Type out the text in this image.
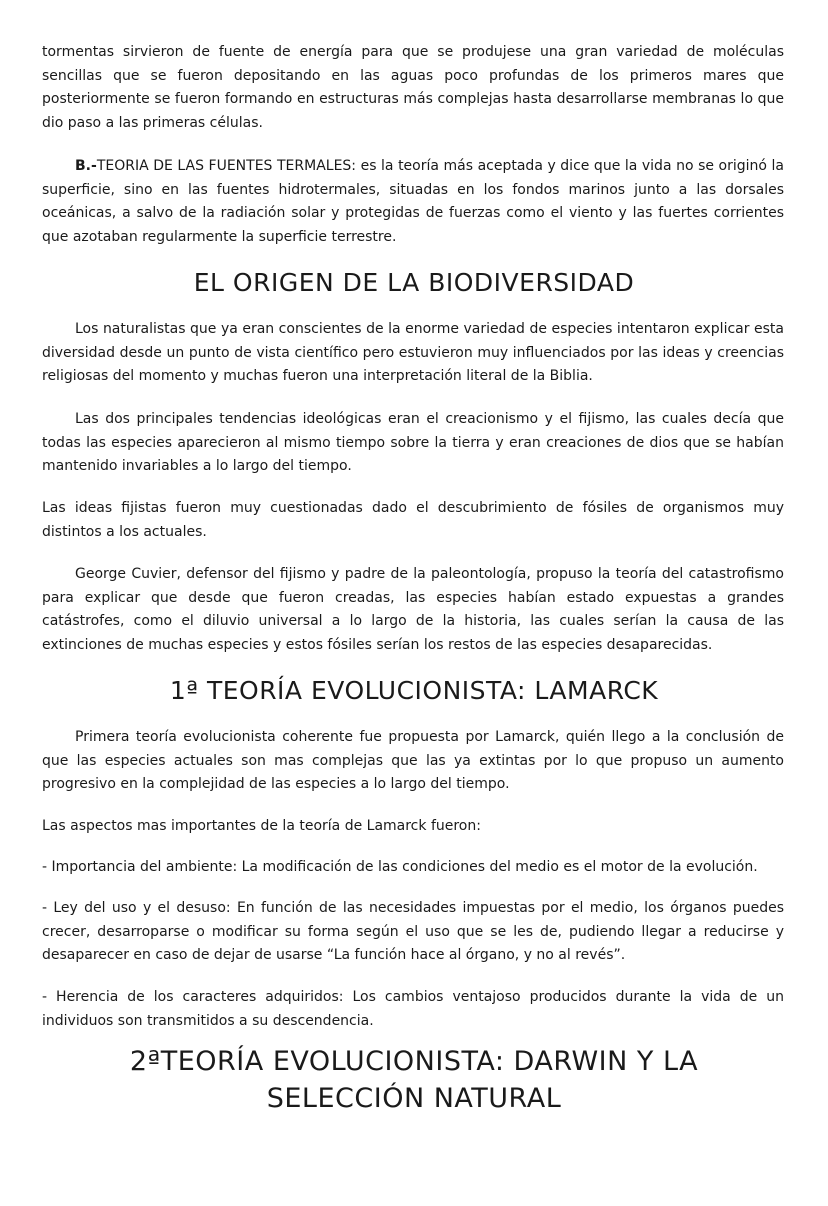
tormentas sirvieron de fuente de energía para que se produjese una gran variedad de moléculas sencillas que se fueron depositando en las aguas poco profundas de los primeros mares que posteriormente se fueron formando en estructuras más complejas hasta desarrollarse membranas lo que dio paso a las primeras células.

B.-TEORIA DE LAS FUENTES TERMALES: es la teoría más aceptada y dice que la vida no se originó la superficie, sino en las fuentes hidrotermales, situadas en los fondos marinos junto a las dorsales oceánicas, a salvo de la radiación solar y protegidas de fuerzas como el viento y las fuertes corrientes que azotaban regularmente la superficie terrestre.

EL ORIGEN DE LA BIODIVERSIDAD

Los naturalistas que ya eran conscientes de la enorme variedad de especies intentaron explicar esta diversidad desde un punto de vista científico pero estuvieron muy influenciados por las ideas y creencias religiosas del momento y muchas fueron una interpretación literal de la Biblia.

Las dos principales tendencias ideológicas eran el creacionismo y el fijismo, las cuales decía que todas las especies aparecieron al mismo tiempo sobre la tierra y eran creaciones de dios que se habían mantenido invariables a lo largo del tiempo.

Las ideas fijistas fueron muy cuestionadas dado el descubrimiento de fósiles de organismos muy distintos a los actuales.

George Cuvier, defensor del fijismo y padre de la paleontología, propuso la teoría del catastrofismo para explicar que desde que fueron creadas, las especies habían estado expuestas a grandes catástrofes, como el diluvio universal a lo largo de la historia, las cuales serían la causa de las extinciones de muchas especies y estos fósiles serían los restos de las especies desaparecidas.

1ª TEORÍA EVOLUCIONISTA: LAMARCK

Primera teoría evolucionista coherente fue propuesta por Lamarck, quién llego a la conclusión de que las especies actuales son mas complejas que las ya extintas por lo que propuso un aumento progresivo en la complejidad de las especies a lo largo del tiempo.

Las aspectos mas importantes de la teoría de Lamarck fueron:

- Importancia del ambiente: La modificación de las condiciones del medio es el motor de la evolución.

- Ley del uso y el desuso: En función de las necesidades impuestas por el medio, los órganos puedes crecer, desarroparse o modificar su forma según el uso que se les de, pudiendo llegar a reducirse y desaparecer en caso de dejar de usarse “La función hace al órgano, y no al revés”.

- Herencia de los caracteres adquiridos: Los cambios ventajoso producidos durante la vida de un individuos son transmitidos a su descendencia.

2ªTEORÍA EVOLUCIONISTA: DARWIN Y LA SELECCIÓN NATURAL
